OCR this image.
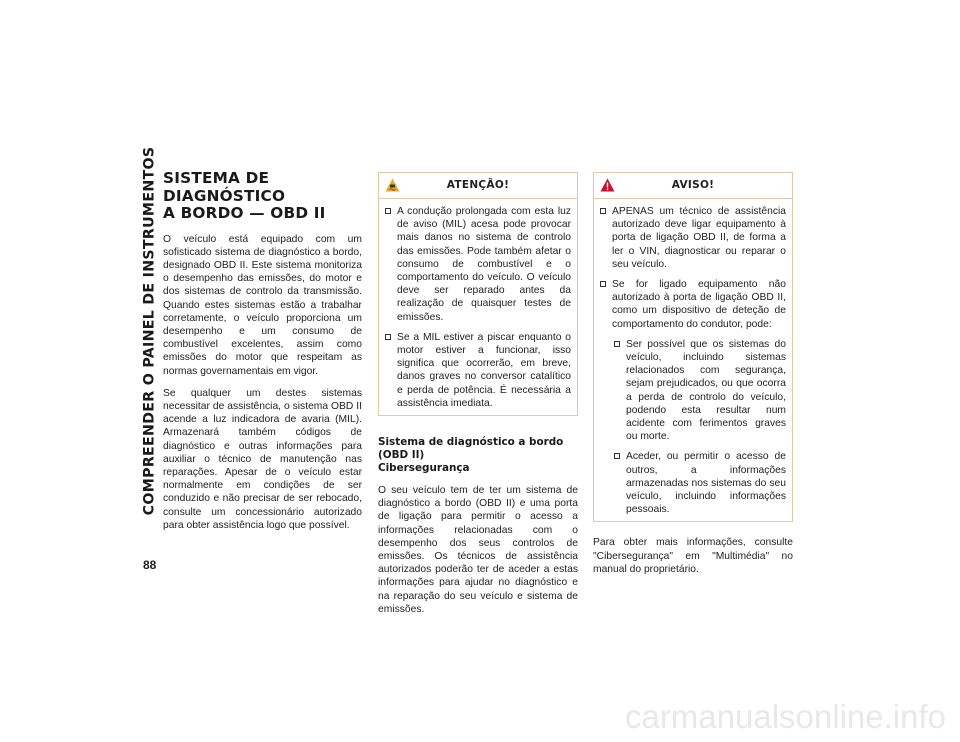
COMPREENDER O PAINEL DE INSTRUMENTOS
88
SISTEMA DE DIAGNÓSTICO
A BORDO — OBD II

O veículo está equipado com um sofisticado sistema de diagnóstico a bordo, designado OBD II. Este sistema monitoriza o desempenho das emissões, do motor e dos sistemas de controlo da transmissão. Quando estes sistemas estão a trabalhar corretamente, o veículo proporciona um desempenho e um consumo de combustível excelentes, assim como emissões do motor que respeitam as normas governamentais em vigor.

Se qualquer um destes sistemas necessitar de assistência, o sistema OBD II acende a luz indicadora de avaria (MIL). Armazenará também códigos de diagnóstico e outras informações para auxiliar o técnico de manutenção nas reparações. Apesar de o veículo estar normalmente em condições de ser conduzido e não precisar de ser rebocado, consulte um concessionário autorizado para obter assistência logo que possível.

ATENÇÃO!
A condução prolongada com esta luz de aviso (MIL) acesa pode provocar mais danos no sistema de controlo das emissões. Pode também afetar o consumo de combustível e o comportamento do veículo. O veículo deve ser reparado antes da realização de quaisquer testes de emissões.
Se a MIL estiver a piscar enquanto o motor estiver a funcionar, isso significa que ocorrerão, em breve, danos graves no conversor catalítico e perda de potência. É necessária a assistência imediata.
Sistema de diagnóstico a bordo (OBD II)
Cibersegurança

O seu veículo tem de ter um sistema de diagnóstico a bordo (OBD II) e uma porta de ligação para permitir o acesso a informações relacionadas com o desempenho dos seus controlos de emissões. Os técnicos de assistência autorizados poderão ter de aceder a estas informações para ajudar no diagnóstico e na reparação do seu veículo e sistema de emissões.

AVISO!
APENAS um técnico de assistência autorizado deve ligar equipamento à porta de ligação OBD II, de forma a ler o VIN, diagnosticar ou reparar o seu veículo.
Se for ligado equipamento não autorizado à porta de ligação OBD II, como um dispositivo de deteção de comportamento do condutor, pode:
Ser possível que os sistemas do veículo, incluindo sistemas relacionados com segurança, sejam prejudicados, ou que ocorra a perda de controlo do veículo, podendo esta resultar num acidente com ferimentos graves ou morte.
Aceder, ou permitir o acesso de outros, a informações armazenadas nos sistemas do seu veículo, incluindo informações pessoais.

Para obter mais informações, consulte "Cibersegurança" em "Multimédia" no manual do proprietário.

carmanualsonline.info
